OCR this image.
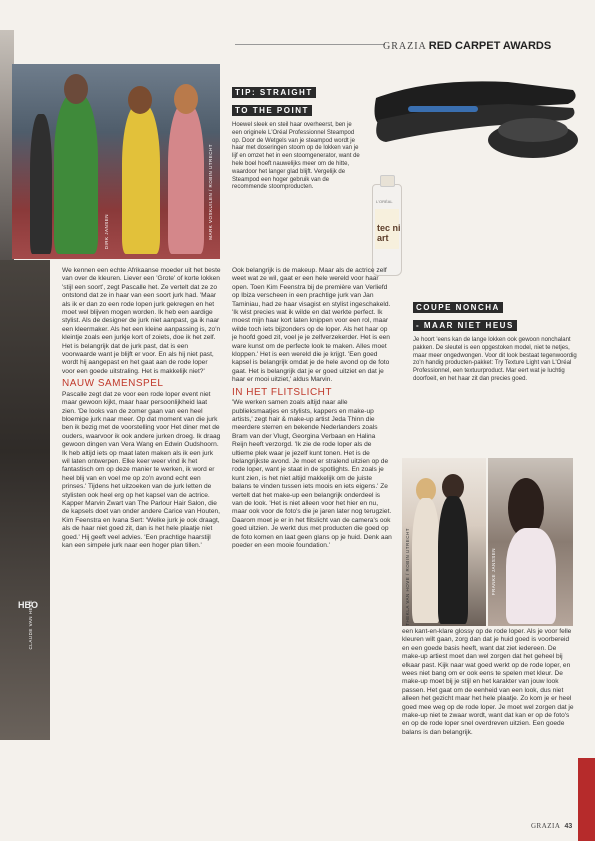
HBO
CLAUDE VAN HEYE
GRAZIA RED CARPET AWARDS
DIRK JANSEN	MARK VOSKUILEN / ROBIN UTRECHT
TIP: STRAIGHT
TO THE POINT

Hoewel sleek en steil haar overheerst, ben je een originele L'Oréal Professionnel Steampod op. Door de Wetgels van je steampod wordt je haar met doseringen stoom op de lokken van je lijf en omzet het in een stoomgenerator, want de hele boel hoeft nauwelijks meer om de hitte, waardoor het langer glad blijft. Vergelijk de Steampod een hoger gebruik van de recommende stoomproducten.

L'ORÉAL
tec ni art
COUPE NONCHA
- MAAR NIET HEUS

Je hoort 'eens kan de lange lokken ook gewoon nonchalant pakken. De sleutel is een opgestoken model, niet te netjes, maar meer ongedwongen. Voor dit look bestaat tegenwoordig zo'n handig producten-pakket: Try Texture Light van L'Oréal Professionnel, een textuurproduct. Mar eert wat je luchtig doorfoeit, en het haar zit dan precies goed.

THEKLA VAN HOVE / ROBIN UTRECHT	FRANKE JANSSEN

We kennen een echte Afrikaanse moeder uit het beste van over de kleuren. Liever een 'Grote' of korte lokken 'stijl een soort', zegt Pascalle het. Ze vertelt dat ze zo ontstond dat ze in haar van een soort jurk had. 'Maar als ik er dan zo een rode lopen jurk gekregen en het moet wel blijven mogen worden. Ik heb een aardige stylist. Als de designer de jurk niet aanpast, ga ik naar een kleermaker. Als het een kleine aanpassing is, zo'n kleintje zoals een jurkje kort of zoiets, doe ik het zelf. Het is belangrijk dat de jurk past, dat is een voorwaarde want je blijft er voor. En als hij niet past, wordt hij aangepast en het gaat aan de rode loper voor een goede uitstraling. Het is makkelijk niet?'

NAUW SAMENSPEL

Pascalle zegt dat ze voor een rode loper event niet maar gewoon kijkt, maar haar persoonlijkheid laat zien. 'De looks van de zomer gaan van een heel bloemige jurk naar meer. Op dat moment van die jurk ben ik bezig met de voorstelling voor Het diner met de ouders, waarvoor ik ook andere jurken droeg. Ik draag gewoon dingen van Vera Wang en Edwin Oudshoorn. Ik heb altijd iets op maat laten maken als ik een jurk wil laten ontwerpen. Elke keer weer vind ik het fantastisch om op deze manier te werken, ik word er heel blij van en voel me op zo'n avond echt een prinses.' Tijdens het uitzoeken van de jurk letten de stylisten ook heel erg op het kapsel van de actrice. Kapper Marvin Zwart van The Parlour Hair Salon, die de kapsels doet van onder andere Carice van Houten, Kim Feenstra en Ivana Sert: 'Welke jurk je ook draagt, als de haar niet goed zit, dan is het hele plaatje niet goed.' Hij geeft veel advies. 'Een prachtige haarstijl kan een simpele jurk naar een hoger plan tillen.'

Ook belangrijk is de makeup. Maar als de actrice zelf weet wat ze wil, gaat er een hele wereld voor haar open. Toen Kim Feenstra bij de première van Verliefd op Ibiza verscheen in een prachtige jurk van Jan Taminiau, had ze haar visagist en stylist ingeschakeld. 'Ik wist precies wat ik wilde en dat werkte perfect. Ik moest mijn haar kort laten knippen voor een rol, maar wilde toch iets bijzonders op de loper. Als het haar op je hoofd goed zit, voel je je zelfverzekerder. Het is een ware kunst om de perfecte look te maken. Alles moet kloppen.' Het is een wereld die je krijgt. 'Een goed kapsel is belangrijk omdat je de hele avond op de foto gaat. Het is belangrijk dat je er goed uitziet en dat je haar er mooi uitziet,' aldus Marvin.

IN HET FLITSLICHT

'We werken samen zoals altijd naar alle publieksmaatjes en stylists, kappers en make-up artists,' zegt hair & make-up artist Jeda Thinn die meerdere sterren en bekende Nederlanders zoals Bram van der Vlugt, Georgina Verbaan en Halina Reijn heeft verzorgd. 'Ik zie de rode loper als de ultieme plek waar je jezelf kunt tonen. Het is de belangrijkste avond. Je moet er stralend uitzien op de rode loper, want je staat in de spotlights. En zoals je kunt zien, is het niet altijd makkelijk om de juiste balans te vinden tussen iets moois en iets eigens.' Ze vertelt dat het make-up een belangrijk onderdeel is van de look. 'Het is niet alleen voor het hier en nu, maar ook voor de foto's die je jaren later nog terugziet. Daarom moet je er in het flitslicht van de camera's ook goed uitzien. Je werkt dus met producten die goed op de foto komen en laat geen glans op je huid. Denk aan poeder en een mooie foundation.'

een kant-en-klare glossy op de rode loper. Als je voor felle kleuren wilt gaan, zorg dan dat je huid goed is voorbereid en een goede basis heeft, want dat ziet iedereen. De make-up artiest moet dan wel zorgen dat het geheel bij elkaar past. Kijk naar wat goed werkt op de rode loper, en wees niet bang om er ook eens te spelen met kleur. De make-up moet bij je stijl en het karakter van jouw look passen. Het gaat om de eenheid van een look, dus niet alleen het gezicht maar het hele plaatje. Zo kom je er heel goed mee weg op de rode loper. Je moet wel zorgen dat je make-up niet te zwaar wordt, want dat kan er op de foto's en op de rode loper snel overdreven uitzien. Een goede balans is dan belangrijk.

GRAZIA 43
